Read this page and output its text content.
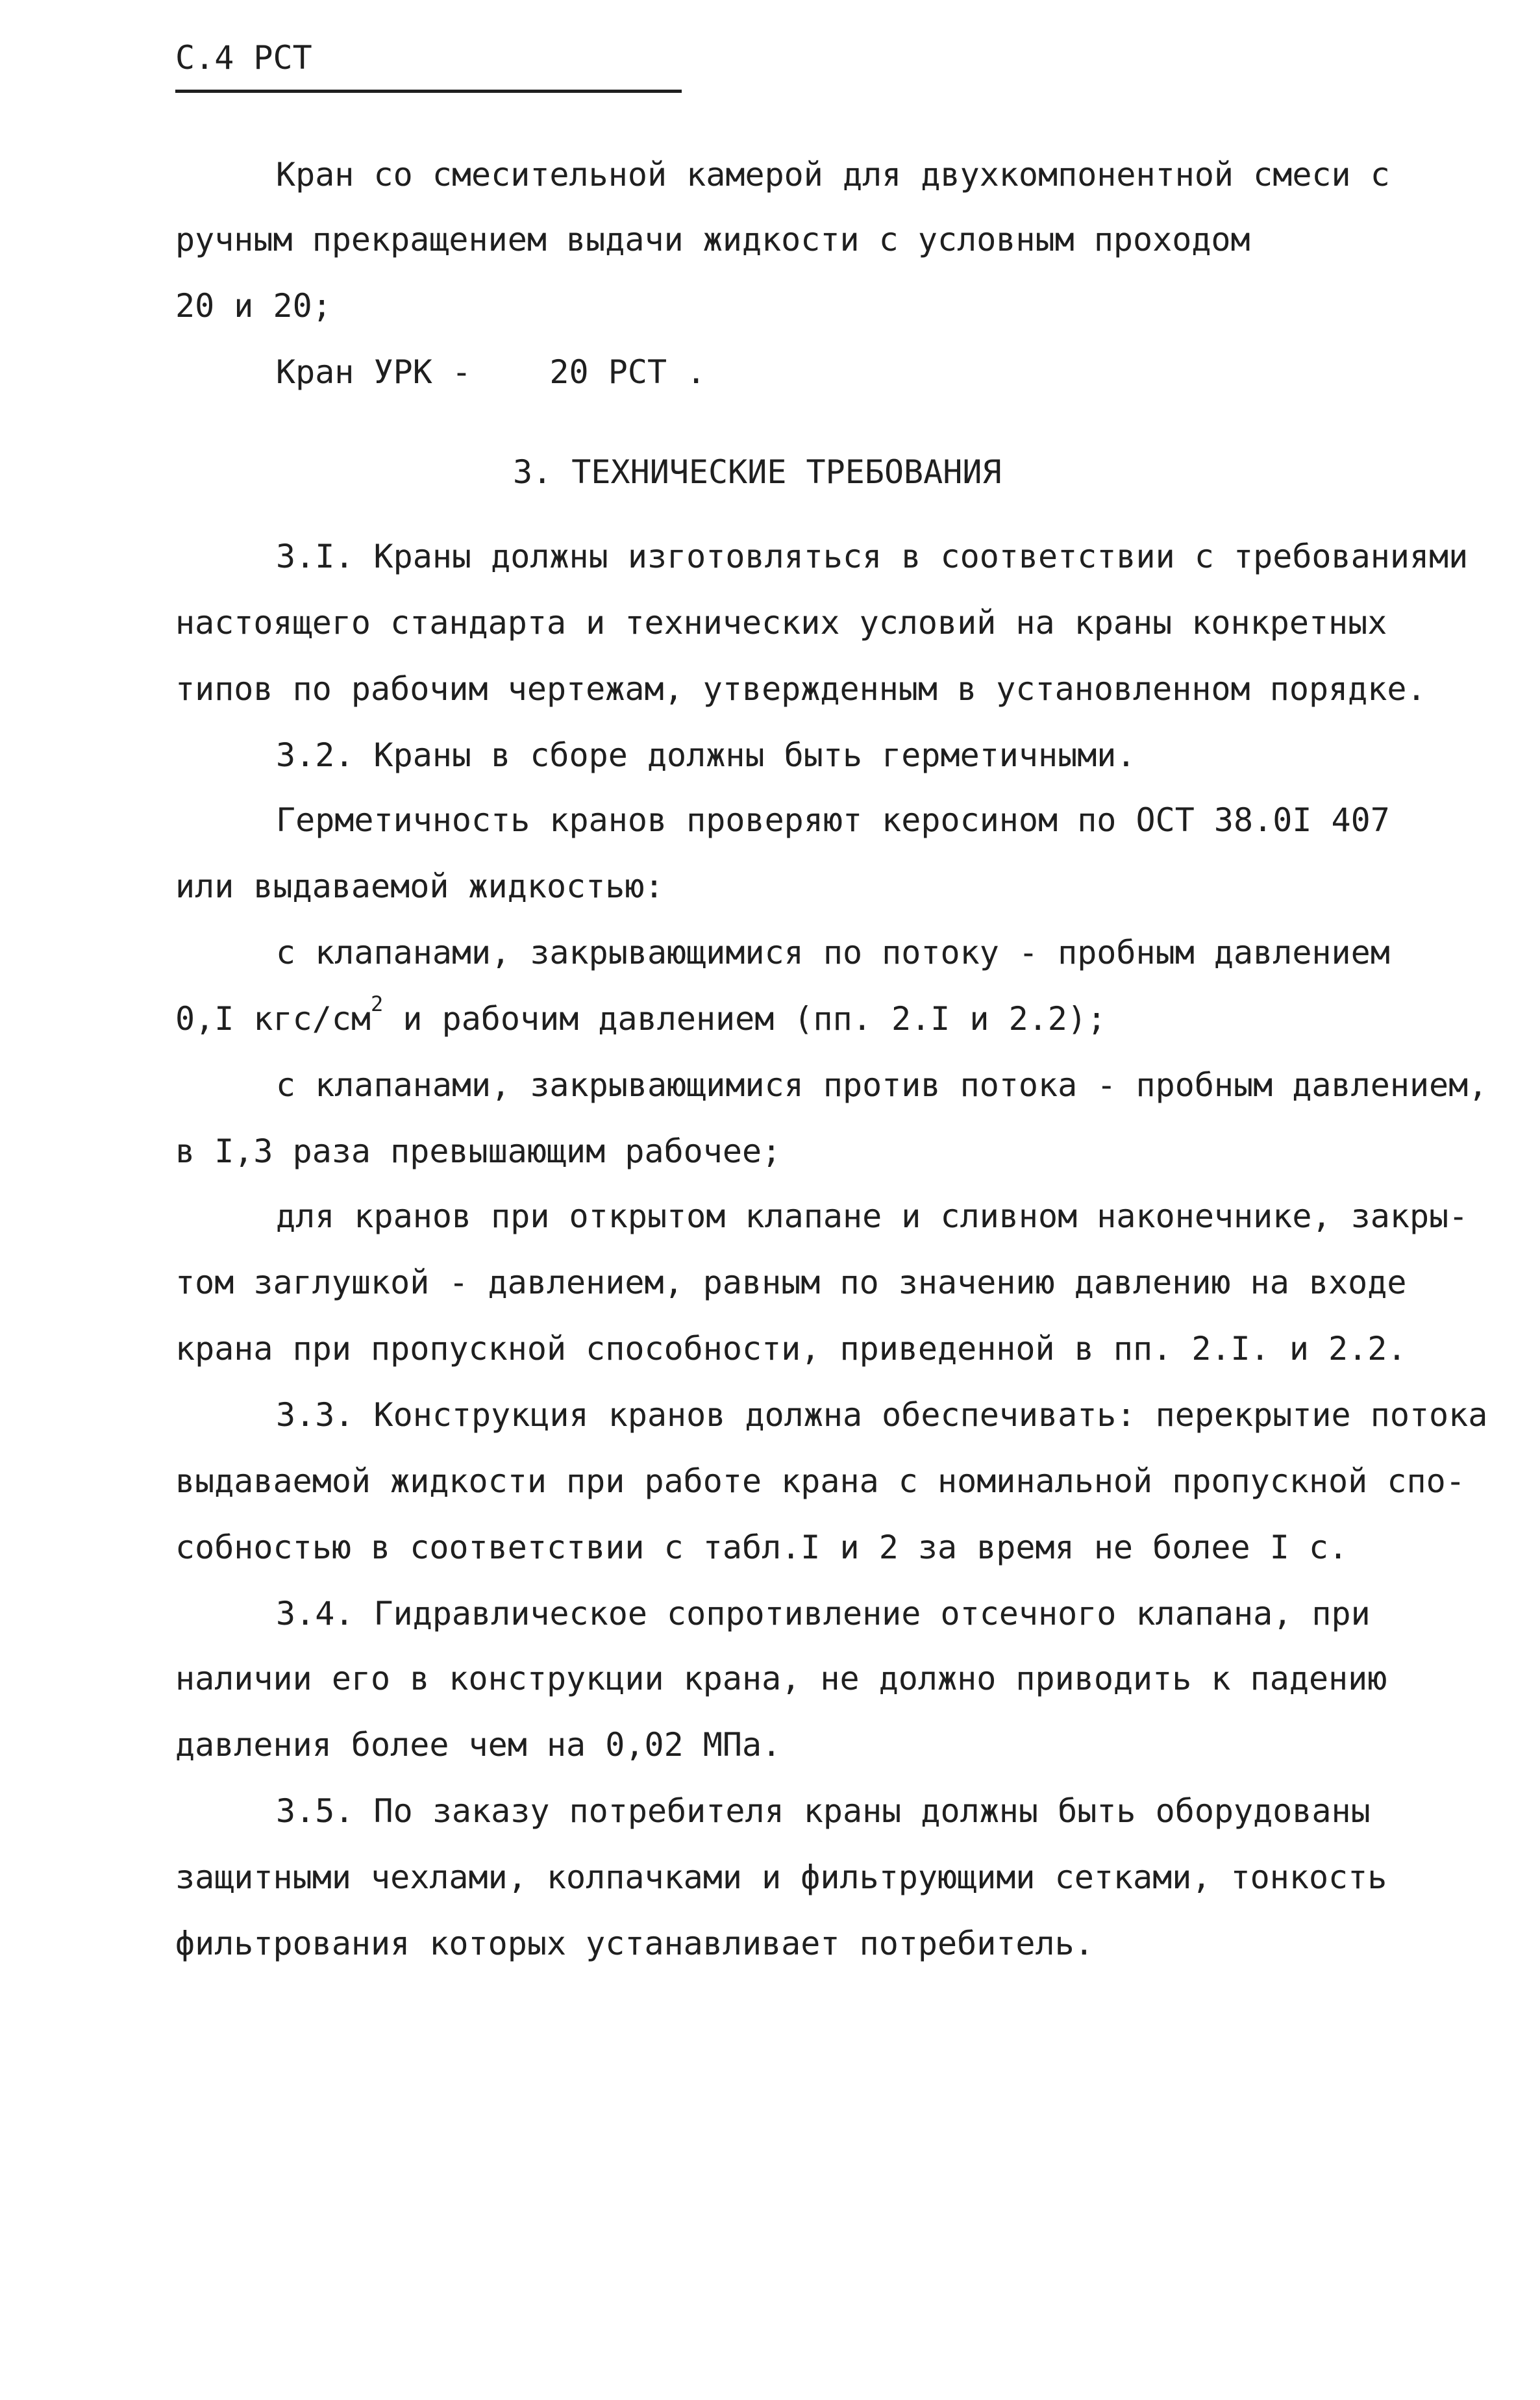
С.4 РСТ
Кран со смесительной камерой для двухкомпонентной смеси с
ручным прекращением выдачи жидкости с условным проходом
20 и 20;
Кран УРК -    20 РСТ .
3. ТЕХНИЧЕСКИЕ ТРЕБОВАНИЯ
3.I. Краны должны изготовляться в соответствии с требованиями
настоящего стандарта и технических условий на краны конкретных
типов по рабочим чертежам, утвержденным в установленном порядке.
3.2. Краны в сборе должны быть герметичными.
Герметичность кранов проверяют керосином по ОСТ 38.0I 407
или выдаваемой жидкостью:
с клапанами, закрывающимися по потоку - пробным давлением
0,I кгс/$см^2$ и рабочим давлением (пп. 2.I и 2.2);
с клапанами, закрывающимися против потока - пробным давлением,
в I,3 раза превышающим рабочее;
для кранов при открытом клапане и сливном наконечнике, закры-
том заглушкой - давлением, равным по значению давлению на входе
крана при пропускной способности, приведенной в пп. 2.I. и 2.2.
3.3. Конструкция кранов должна обеспечивать: перекрытие потока
выдаваемой жидкости при работе крана с номинальной пропускной спо-
собностью в соответствии с табл.I и 2 за время не более I с.
3.4. Гидравлическое сопротивление отсечного клапана, при
наличии его в конструкции крана, не должно приводить к падению
давления более чем на 0,02 МПа.
3.5. По заказу потребителя краны должны быть оборудованы
защитными чехлами, колпачками и фильтрующими сетками, тонкость
фильтрования которых устанавливает потребитель.
